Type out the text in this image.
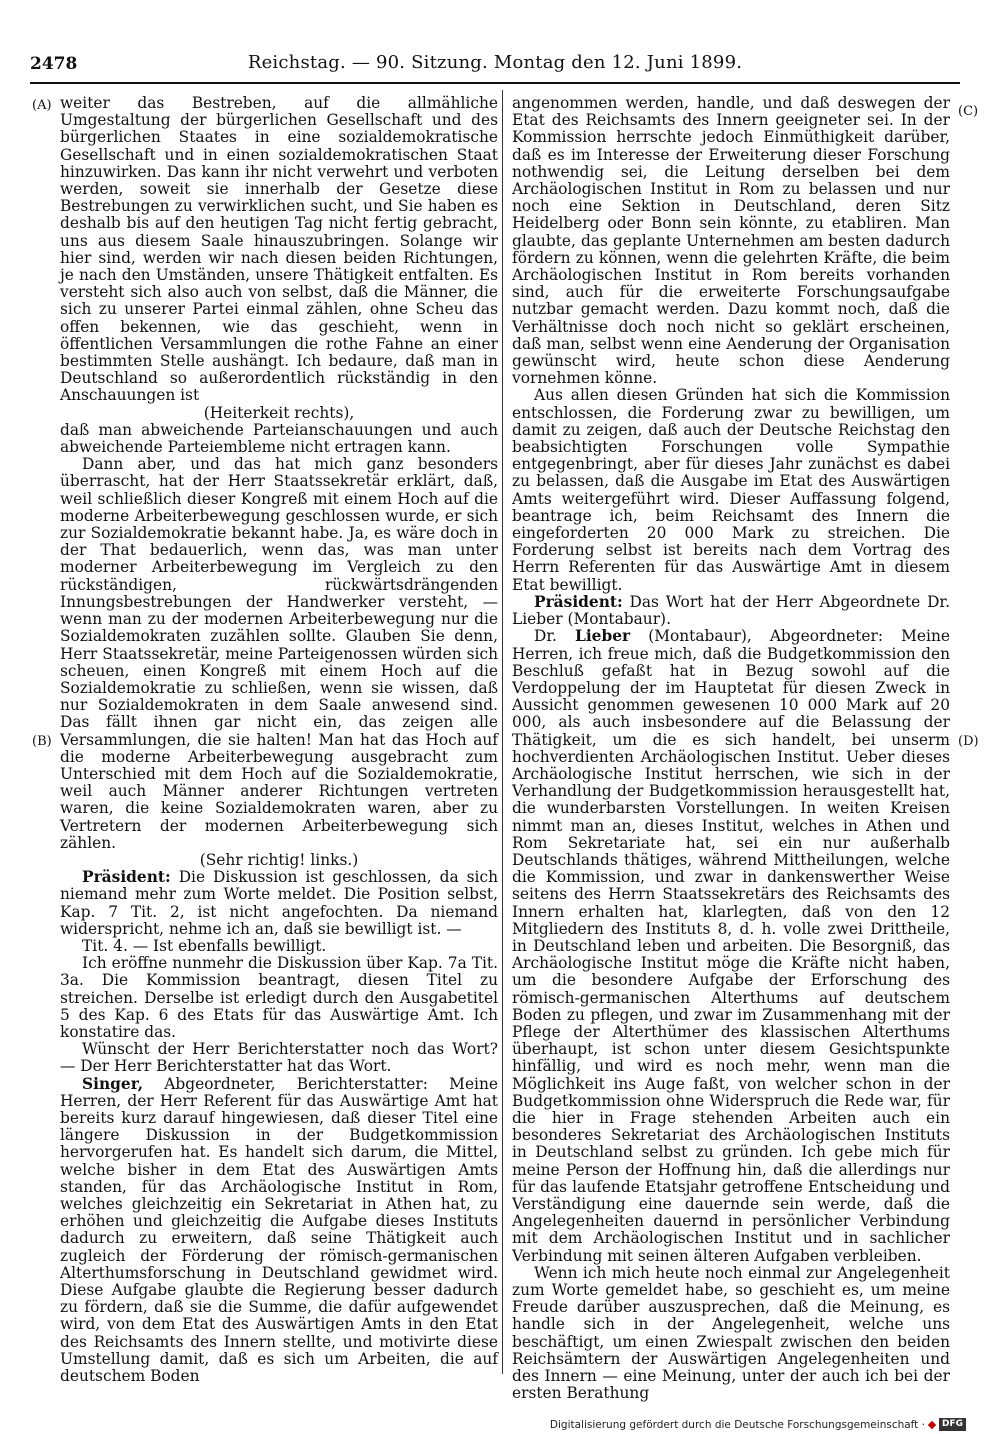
2478	Reichstag. — 90. Sitzung. Montag den 12. Juni 1899.
(A)
(B)
(C)
(D)

weiter das Bestreben, auf die allmähliche Umgestaltung der bürgerlichen Gesellschaft und des bürgerlichen Staates in eine sozialdemokratische Gesellschaft und in einen sozialdemokratischen Staat hinzuwirken. Das kann ihr nicht verwehrt und verboten werden, soweit sie innerhalb der Gesetze diese Bestrebungen zu verwirklichen sucht, und Sie haben es deshalb bis auf den heutigen Tag nicht fertig gebracht, uns aus diesem Saale hinauszubringen. Solange wir hier sind, werden wir nach diesen beiden Richtungen, je nach den Umständen, unsere Thätigkeit entfalten. Es versteht sich also auch von selbst, daß die Männer, die sich zu unserer Partei einmal zählen, ohne Scheu das offen bekennen, wie das geschieht, wenn in öffentlichen Versammlungen die rothe Fahne an einer bestimmten Stelle aushängt. Ich bedaure, daß man in Deutschland so außerordentlich rückständig in den Anschauungen ist

(Heiterkeit rechts),

daß man abweichende Parteianschauungen und auch abweichende Parteiembleme nicht ertragen kann.

Dann aber, und das hat mich ganz besonders überrascht, hat der Herr Staatssekretär erklärt, daß, weil schließlich dieser Kongreß mit einem Hoch auf die moderne Arbeiterbewegung geschlossen wurde, er sich zur Sozialdemokratie bekannt habe. Ja, es wäre doch in der That bedauerlich, wenn das, was man unter moderner Arbeiterbewegung im Vergleich zu den rückständigen, rückwärtsdrängenden Innungsbestrebungen der Handwerker versteht, — wenn man zu der modernen Arbeiterbewegung nur die Sozialdemokraten zuzählen sollte. Glauben Sie denn, Herr Staatssekretär, meine Parteigenossen würden sich scheuen, einen Kongreß mit einem Hoch auf die Sozialdemokratie zu schließen, wenn sie wissen, daß nur Sozialdemokraten in dem Saale anwesend sind. Das fällt ihnen gar nicht ein, das zeigen alle Versammlungen, die sie halten! Man hat das Hoch auf die moderne Arbeiterbewegung ausgebracht zum Unterschied mit dem Hoch auf die Sozialdemokratie, weil auch Männer anderer Richtungen vertreten waren, die keine Sozialdemokraten waren, aber zu Vertretern der modernen Arbeiterbewegung sich zählen.

(Sehr richtig! links.)

Präsident: Die Diskussion ist geschlossen, da sich niemand mehr zum Worte meldet. Die Position selbst, Kap. 7 Tit. 2, ist nicht angefochten. Da niemand widerspricht, nehme ich an, daß sie bewilligt ist. —

Tit. 4. — Ist ebenfalls bewilligt.

Ich eröffne nunmehr die Diskussion über Kap. 7a Tit. 3a. Die Kommission beantragt, diesen Titel zu streichen. Derselbe ist erledigt durch den Ausgabetitel 5 des Kap. 6 des Etats für das Auswärtige Amt. Ich konstatire das.

Wünscht der Herr Berichterstatter noch das Wort? — Der Herr Berichterstatter hat das Wort.

Singer, Abgeordneter, Berichterstatter: Meine Herren, der Herr Referent für das Auswärtige Amt hat bereits kurz darauf hingewiesen, daß dieser Titel eine längere Diskussion in der Budgetkommission hervorgerufen hat. Es handelt sich darum, die Mittel, welche bisher in dem Etat des Auswärtigen Amts standen, für das Archäologische Institut in Rom, welches gleichzeitig ein Sekretariat in Athen hat, zu erhöhen und gleichzeitig die Aufgabe dieses Instituts dadurch zu erweitern, daß seine Thätigkeit auch zugleich der Förderung der römisch-germanischen Alterthumsforschung in Deutschland gewidmet wird. Diese Aufgabe glaubte die Regierung besser dadurch zu fördern, daß sie die Summe, die dafür aufgewendet wird, von dem Etat des Auswärtigen Amts in den Etat des Reichsamts des Innern stellte, und motivirte diese Umstellung damit, daß es sich um Arbeiten, die auf deutschem Boden

angenommen werden, handle, und daß deswegen der Etat des Reichsamts des Innern geeigneter sei. In der Kommission herrschte jedoch Einmüthigkeit darüber, daß es im Interesse der Erweiterung dieser Forschung nothwendig sei, die Leitung derselben bei dem Archäologischen Institut in Rom zu belassen und nur noch eine Sektion in Deutschland, deren Sitz Heidelberg oder Bonn sein könnte, zu etabliren. Man glaubte, das geplante Unternehmen am besten dadurch fördern zu können, wenn die gelehrten Kräfte, die beim Archäologischen Institut in Rom bereits vorhanden sind, auch für die erweiterte Forschungsaufgabe nutzbar gemacht werden. Dazu kommt noch, daß die Verhältnisse doch noch nicht so geklärt erscheinen, daß man, selbst wenn eine Aenderung der Organisation gewünscht wird, heute schon diese Aenderung vornehmen könne.

Aus allen diesen Gründen hat sich die Kommission entschlossen, die Forderung zwar zu bewilligen, um damit zu zeigen, daß auch der Deutsche Reichstag den beabsichtigten Forschungen volle Sympathie entgegenbringt, aber für dieses Jahr zunächst es dabei zu belassen, daß die Ausgabe im Etat des Auswärtigen Amts weitergeführt wird. Dieser Auffassung folgend, beantrage ich, beim Reichsamt des Innern die eingeforderten 20 000 Mark zu streichen. Die Forderung selbst ist bereits nach dem Vortrag des Herrn Referenten für das Auswärtige Amt in diesem Etat bewilligt.

Präsident: Das Wort hat der Herr Abgeordnete Dr. Lieber (Montabaur).

Dr. Lieber (Montabaur), Abgeordneter: Meine Herren, ich freue mich, daß die Budgetkommission den Beschluß gefaßt hat in Bezug sowohl auf die Verdoppelung der im Hauptetat für diesen Zweck in Aussicht genommen gewesenen 10 000 Mark auf 20 000, als auch insbesondere auf die Belassung der Thätigkeit, um die es sich handelt, bei unserm hochverdienten Archäologischen Institut. Ueber dieses Archäologische Institut herrschen, wie sich in der Verhandlung der Budgetkommission herausgestellt hat, die wunderbarsten Vorstellungen. In weiten Kreisen nimmt man an, dieses Institut, welches in Athen und Rom Sekretariate hat, sei ein nur außerhalb Deutschlands thätiges, während Mittheilungen, welche die Kommission, und zwar in dankenswerther Weise seitens des Herrn Staatssekretärs des Reichsamts des Innern erhalten hat, klarlegten, daß von den 12 Mitgliedern des Instituts 8, d. h. volle zwei Drittheile, in Deutschland leben und arbeiten. Die Besorgniß, das Archäologische Institut möge die Kräfte nicht haben, um die besondere Aufgabe der Erforschung des römisch-germanischen Alterthums auf deutschem Boden zu pflegen, und zwar im Zusammenhang mit der Pflege der Alterthümer des klassischen Alterthums überhaupt, ist schon unter diesem Gesichtspunkte hinfällig, und wird es noch mehr, wenn man die Möglichkeit ins Auge faßt, von welcher schon in der Budgetkommission ohne Widerspruch die Rede war, für die hier in Frage stehenden Arbeiten auch ein besonderes Sekretariat des Archäologischen Instituts in Deutschland selbst zu gründen. Ich gebe mich für meine Person der Hoffnung hin, daß die allerdings nur für das laufende Etatsjahr getroffene Entscheidung und Verständigung eine dauernde sein werde, daß die Angelegenheiten dauernd in persönlicher Verbindung mit dem Archäologischen Institut und in sachlicher Verbindung mit seinen älteren Aufgaben verbleiben.

Wenn ich mich heute noch einmal zur Angelegenheit zum Worte gemeldet habe, so geschieht es, um meine Freude darüber auszusprechen, daß die Meinung, es handle sich in der Angelegenheit, welche uns beschäftigt, um einen Zwiespalt zwischen den beiden Reichsämtern der Auswärtigen Angelegenheiten und des Innern — eine Meinung, unter der auch ich bei der ersten Berathung

Digitalisierung gefördert durch die Deutsche Forschungsgemeinschaft ·	DFG
